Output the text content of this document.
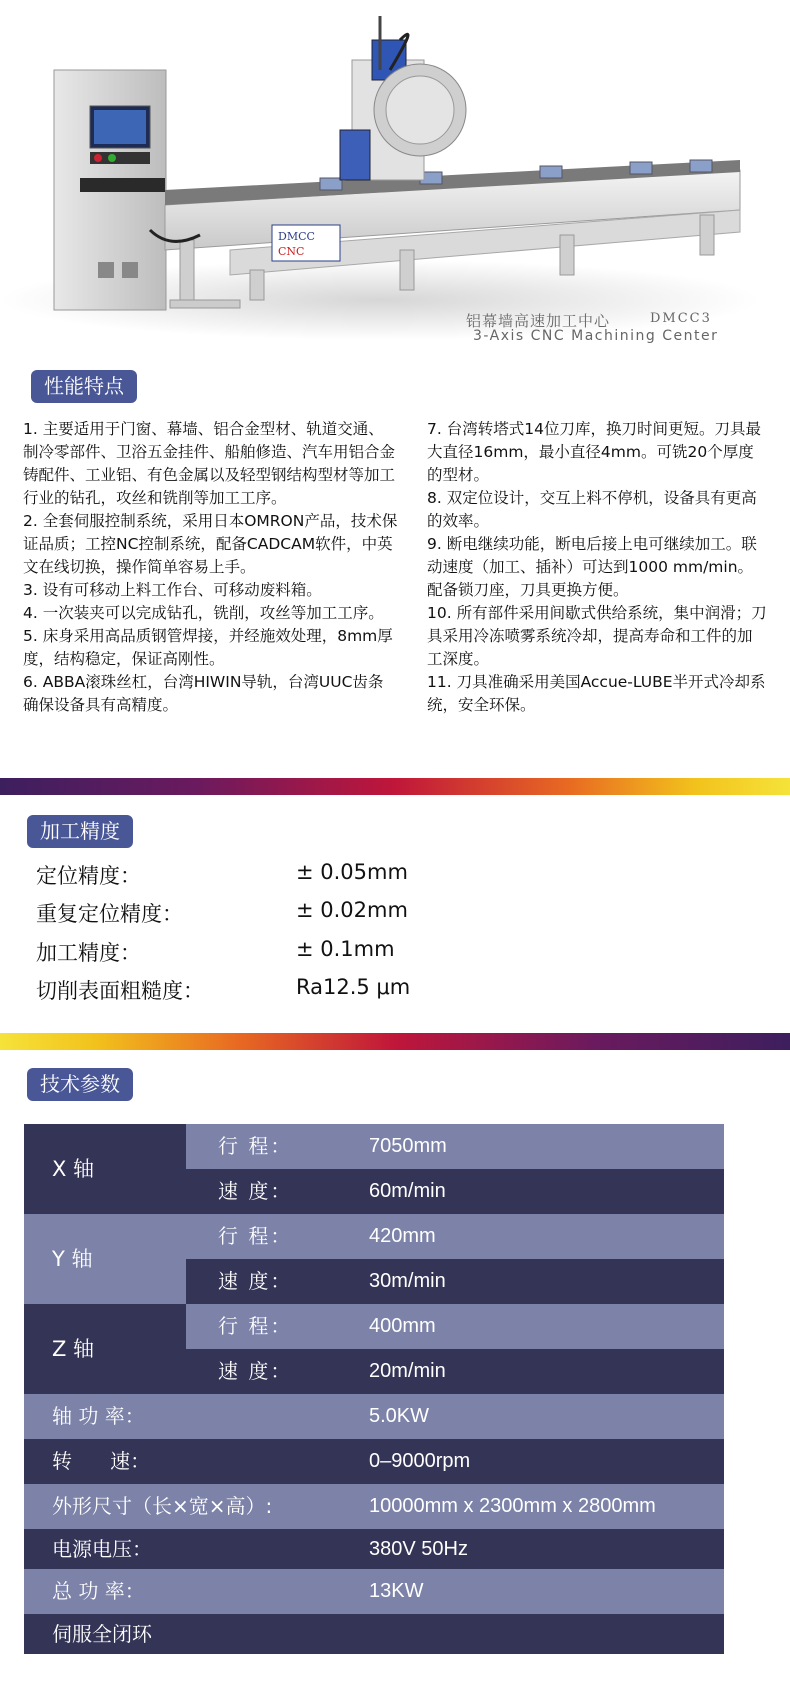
DMCC
CNC
铝幕墙高速加工中心	DMCC3
3-Axis CNC Machining Center
性能特点

1. 主要适用于门窗、幕墙、铝合金型材、轨道交通、制冷零部件、卫浴五金挂件、船舶修造、汽车用铝合金铸配件、工业铝、有色金属以及轻型钢结构型材等加工行业的钻孔，攻丝和铣削等加工工序。

2. 全套伺服控制系统，采用日本OMRON产品，技术保证品质；工控NC控制系统，配备CADCAM软件，中英文在线切换，操作简单容易上手。

3. 设有可移动上料工作台、可移动废料箱。

4. 一次装夹可以完成钻孔，铣削，攻丝等加工工序。

5. 床身采用高品质钢管焊接，并经施效处理，8mm厚度，结构稳定，保证高刚性。

6. ABBA滚珠丝杠，台湾HIWIN导轨，台湾UUC齿条确保设备具有高精度。

7. 台湾转塔式14位刀库，换刀时间更短。刀具最大直径16mm，最小直径4mm。可铣20个厚度的型材。

8. 双定位设计，交互上料不停机，设备具有更高的效率。

9. 断电继续功能，断电后接上电可继续加工。联动速度（加工、插补）可达到1000 mm/min。

配备锁刀座，刀具更换方便。

10. 所有部件采用间歇式供给系统，集中润滑；刀具采用冷冻喷雾系统冷却，提高寿命和工件的加工深度。

11. 刀具准确采用美国Accue-LUBE半开式冷却系统，安全环保。

加工精度
定位精度：	± 0.05mm
重复定位精度：	± 0.02mm
加工精度：	± 0.1mm
切削表面粗糙度：	Ra12.5 μm
技术参数
X 轴
行 程：	7050mm
速 度：	60m/min
Y 轴
行 程：	420mm
速 度：	30m/min
Z 轴
行 程：	400mm
速 度：	20m/min
轴 功 率：	5.0KW
转      速：	0–9000rpm
外形尺寸（长×宽×高）:	10000mm x 2300mm x 2800mm
电源电压：	380V 50Hz
总 功 率：	13KW
伺服全闭环
